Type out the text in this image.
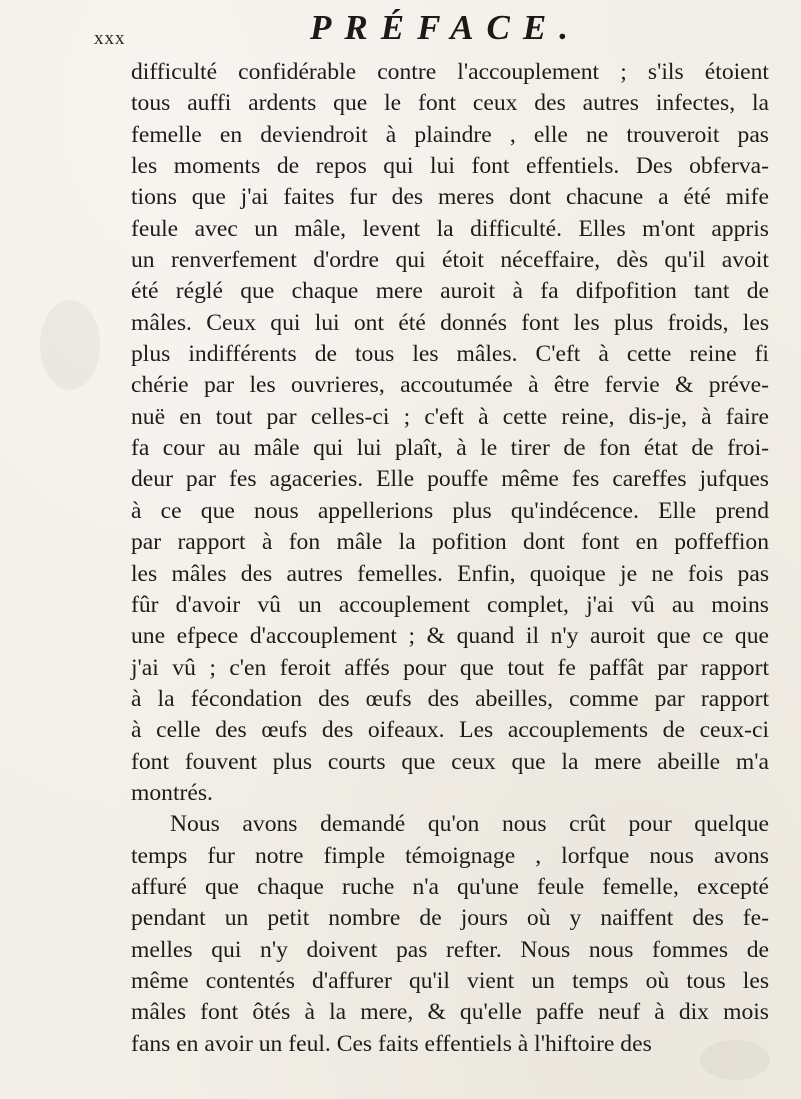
xxx	PRÉFACE.
difficulté confidérable contre l'accouplement ; s'ils étoient
tous auffi ardents que le font ceux des autres infectes, la
femelle en deviendroit à plaindre , elle ne trouveroit pas
les moments de repos qui lui font effentiels. Des obferva-
tions que j'ai faites fur des meres dont chacune a été mife
feule avec un mâle, levent la difficulté. Elles m'ont appris
un renverfement d'ordre qui étoit néceffaire, dès qu'il avoit
été réglé que chaque mere auroit à fa difpofition tant de
mâles. Ceux qui lui ont été donnés font les plus froids, les
plus indifférents de tous les mâles. C'eft à cette reine fi
chérie par les ouvrieres, accoutumée à être fervie & préve-
nuë en tout par celles-ci ; c'eft à cette reine, dis-je, à faire
fa cour au mâle qui lui plaît, à le tirer de fon état de froi-
deur par fes agaceries. Elle pouffe même fes careffes jufques
à ce que nous appellerions plus qu'indécence. Elle prend
par rapport à fon mâle la pofition dont font en poffeffion
les mâles des autres femelles. Enfin, quoique je ne fois pas
fûr d'avoir vû un accouplement complet, j'ai vû au moins
une efpece d'accouplement ; & quand il n'y auroit que ce que
j'ai vû ; c'en feroit affés pour que tout fe paffât par rapport
à la fécondation des œufs des abeilles, comme par rapport
à celle des œufs des oifeaux. Les accouplements de ceux-ci
font fouvent plus courts que ceux que la mere abeille m'a
montrés.
Nous avons demandé qu'on nous crût pour quelque
temps fur notre fimple témoignage , lorfque nous avons
affuré que chaque ruche n'a qu'une feule femelle, excepté
pendant un petit nombre de jours où y naiffent des fe-
melles qui n'y doivent pas refter. Nous nous fommes de
même contentés d'affurer qu'il vient un temps où tous les
mâles font ôtés à la mere, & qu'elle paffe neuf à dix mois
fans en avoir un feul. Ces faits effentiels à l'hiftoire des
